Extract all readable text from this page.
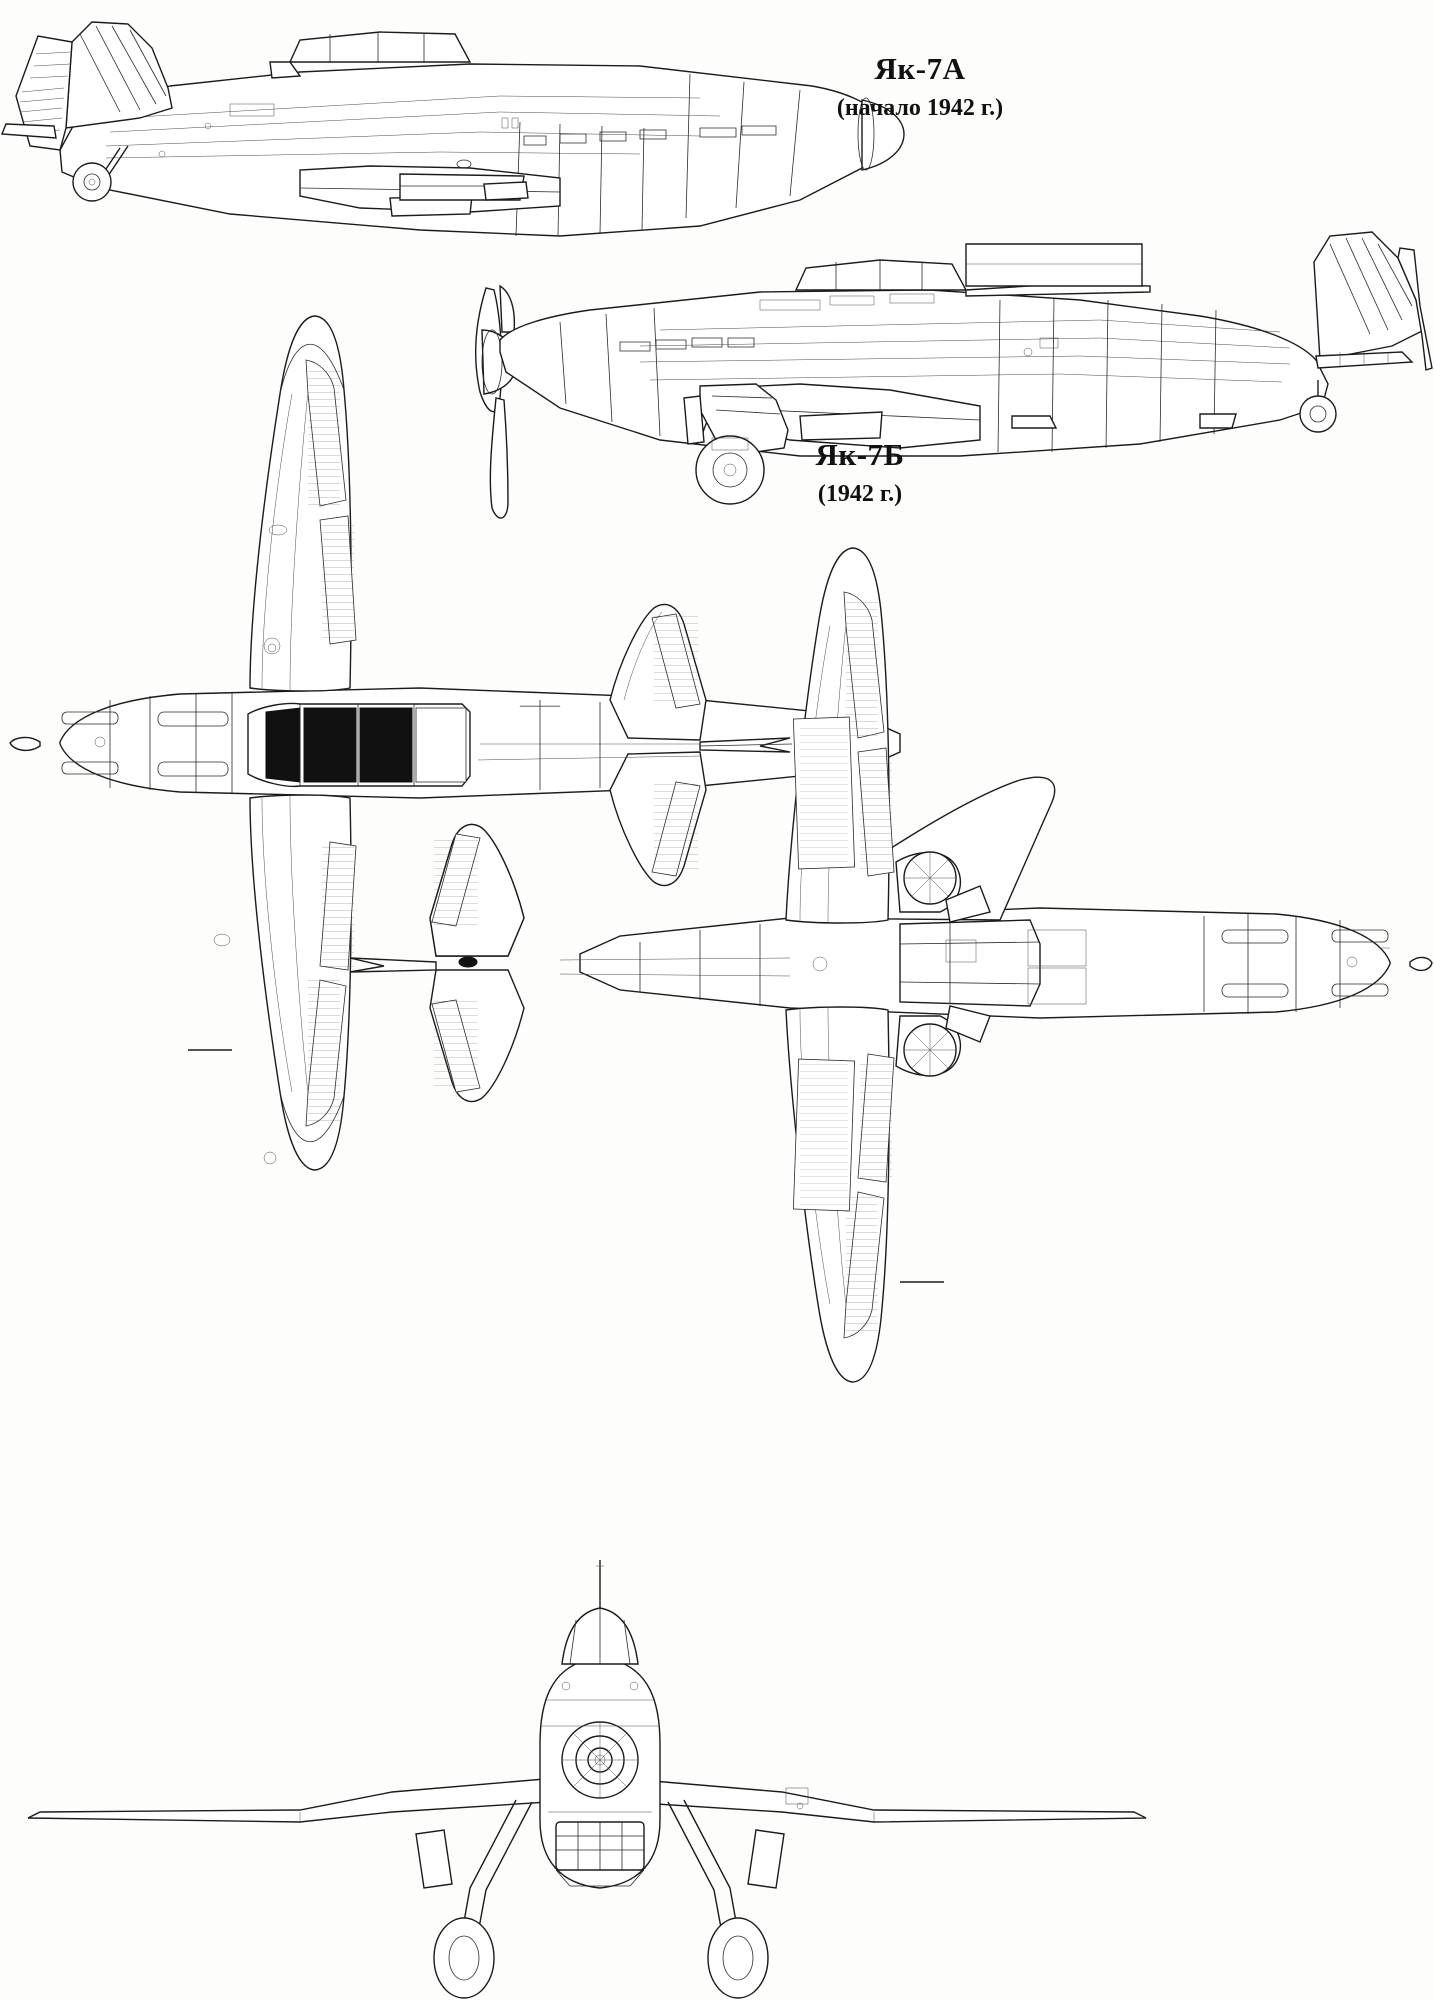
Як-7А
(начало 1942 г.)
Як-7Б
(1942 г.)
